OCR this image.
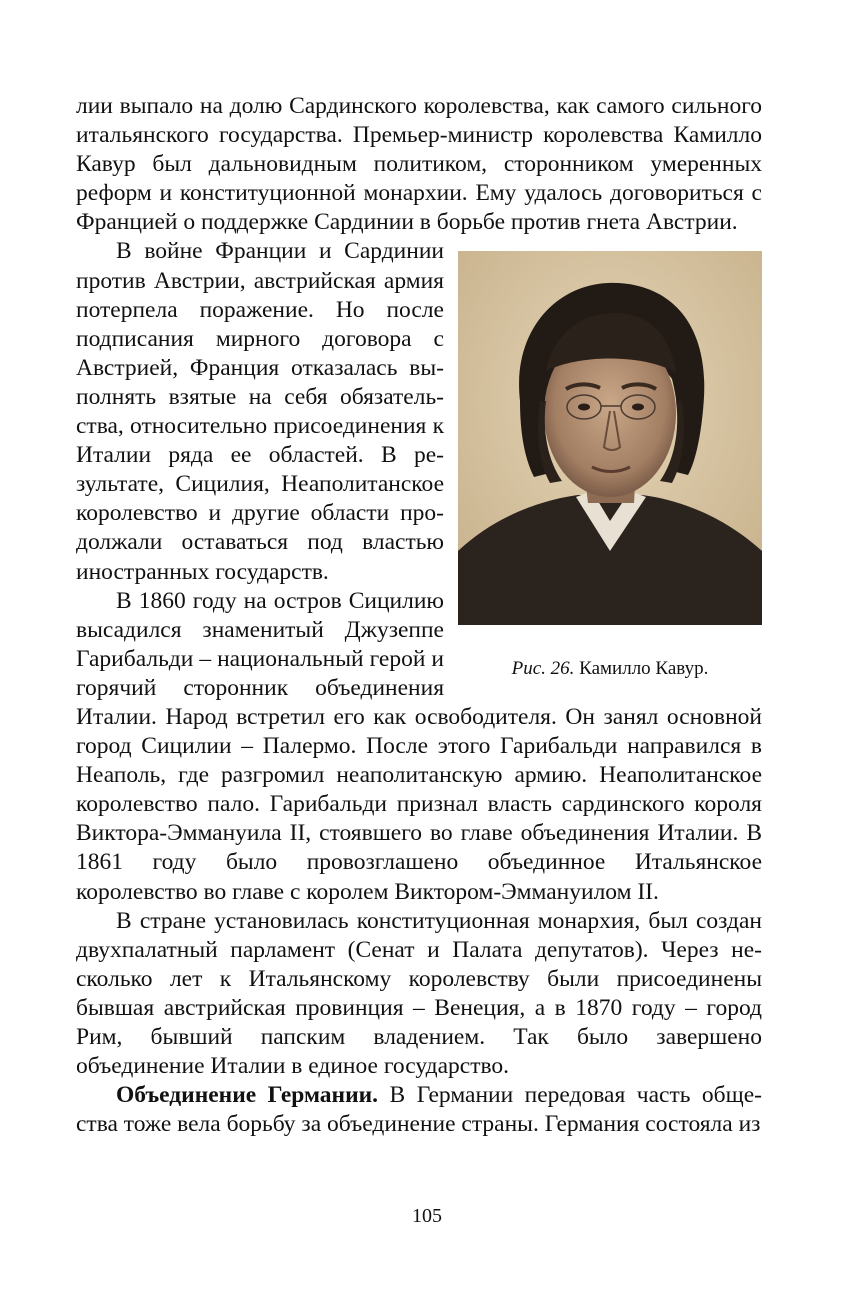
лии выпало на долю Сардинского королевства, как самого сильного итальянского государства. Премьер-министр королевства Камилло Кавур был дальновидным политиком, сторонником умеренных реформ и конституционной монархии. Ему удалось договориться с Францией о поддержке Сардинии в борьбе против гнета Австрии.

Рис. 26. Камилло Кавур.

В войне Франции и Сардинии против Австрии, австрийская армия потерпела поражение. Но после подписания мирного договора с Австрией, Франция отказалась выполнять взятые на себя обязательства, относительно присоединения к Италии ряда ее областей. В результате, Сицилия, Неаполитанское королевство и другие области продолжали оставаться под властью иностранных государств.

В 1860 году на остров Сицилию высадился знаменитый Джузеппе Гарибальди – национальный герой и горячий сторонник объединения Италии. Народ встретил его как освободителя. Он занял основной город Сицилии – Палермо. После этого Гарибальди направился в Неаполь, где разгромил неаполитанскую армию. Неаполитанское королевство пало. Гарибальди признал власть сардинского короля Виктора-Эммануила II, стоявшего во главе объединения Италии. В 1861 году было провозглашено объединное Итальянское королевство во главе с королем Виктором-Эммануилом II.

В стране установилась конституционная монархия, был создан двухпалатный парламент (Сенат и Палата депутатов). Через несколько лет к Итальянскому королевству были присоединены бывшая австрийская провинция – Венеция, а в 1870 году – город Рим, бывший папским владением. Так было завершено объединение Италии в единое государство.

Объединение Германии. В Германии передовая часть общества тоже вела борьбу за объединение страны. Германия состояла из

105
